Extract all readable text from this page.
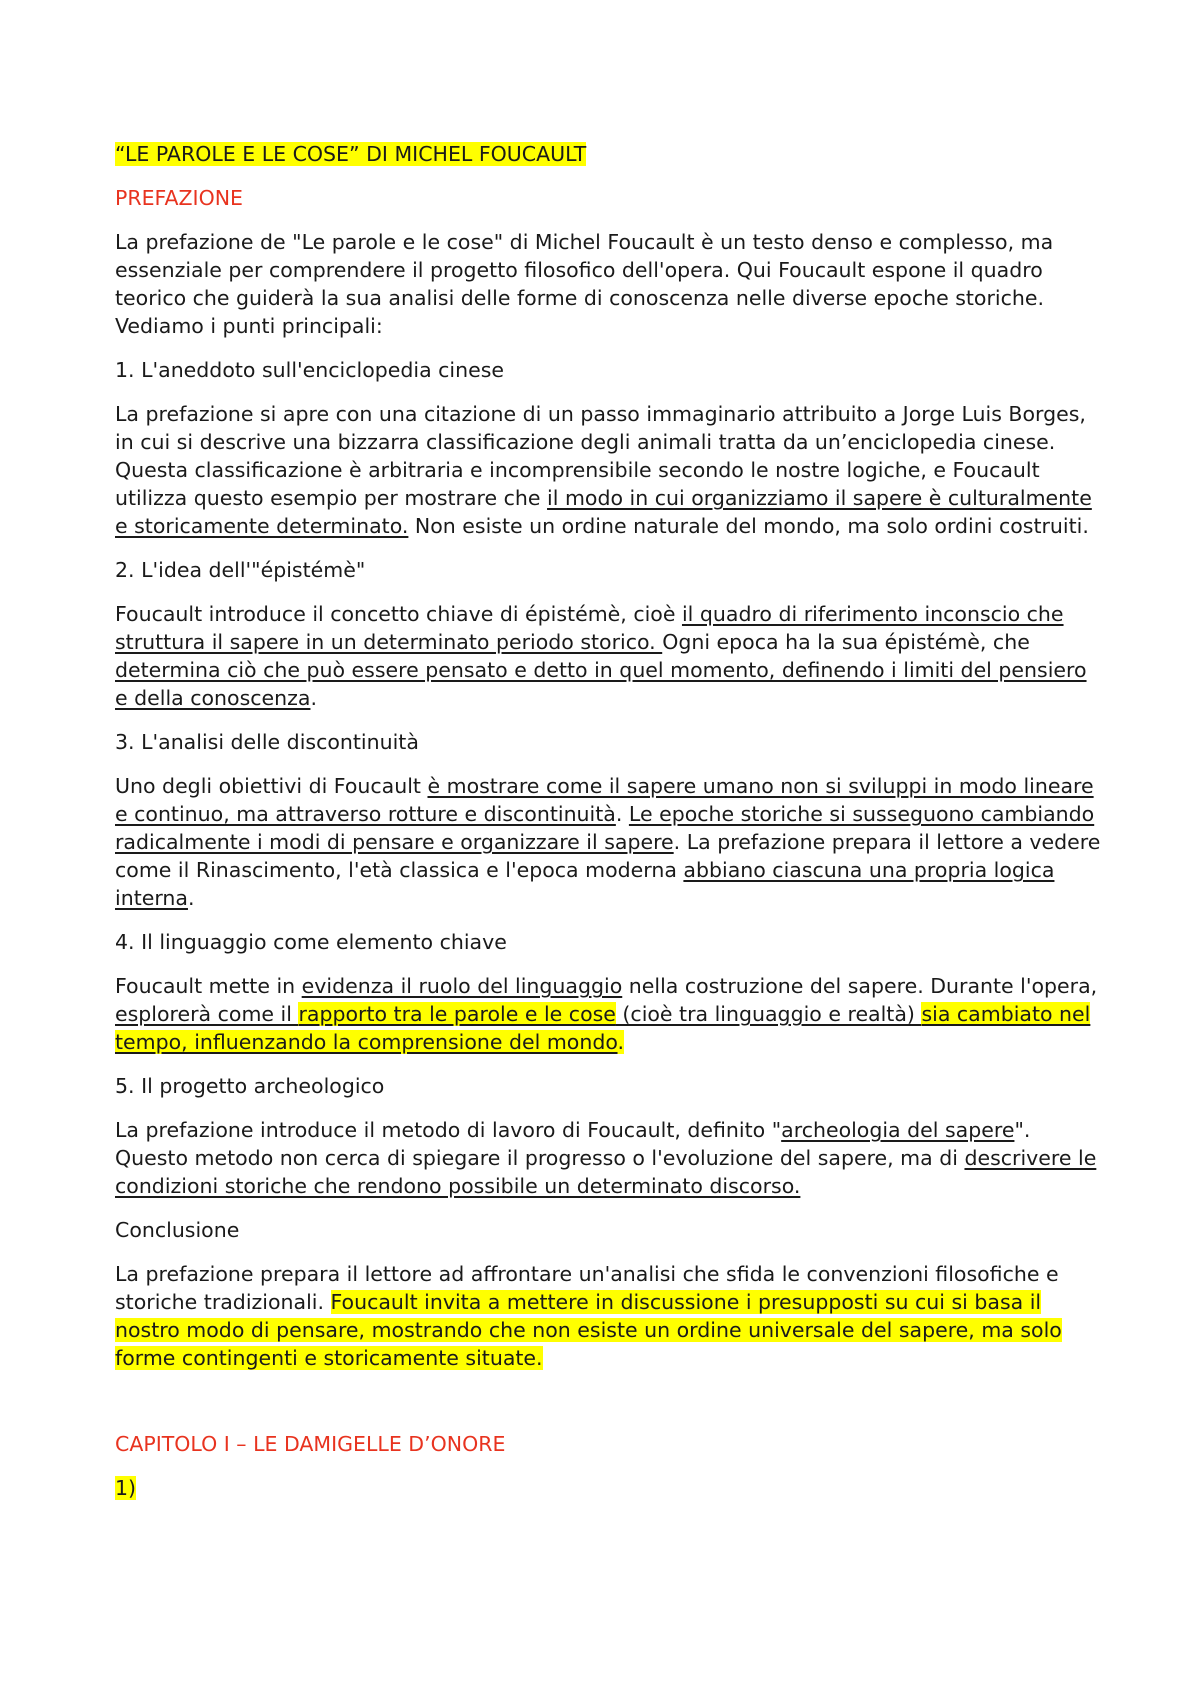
“LE PAROLE E LE COSE” DI MICHEL FOUCAULT

PREFAZIONE

La prefazione de "Le parole e le cose" di Michel Foucault è un testo denso e complesso, ma essenziale per comprendere il progetto filosofico dell'opera. Qui Foucault espone il quadro teorico che guiderà la sua analisi delle forme di conoscenza nelle diverse epoche storiche. Vediamo i punti principali:

1. L'aneddoto sull'enciclopedia cinese

La prefazione si apre con una citazione di un passo immaginario attribuito a Jorge Luis Borges, in cui si descrive una bizzarra classificazione degli animali tratta da un’enciclopedia cinese. Questa classificazione è arbitraria e incomprensibile secondo le nostre logiche, e Foucault utilizza questo esempio per mostrare che il modo in cui organizziamo il sapere è culturalmente e storicamente determinato. Non esiste un ordine naturale del mondo, ma solo ordini costruiti.

2. L'idea dell'"épistémè"

Foucault introduce il concetto chiave di épistémè, cioè il quadro di riferimento inconscio che struttura il sapere in un determinato periodo storico. Ogni epoca ha la sua épistémè, che determina ciò che può essere pensato e detto in quel momento, definendo i limiti del pensiero e della conoscenza.

3. L'analisi delle discontinuità

Uno degli obiettivi di Foucault è mostrare come il sapere umano non si sviluppi in modo lineare e continuo, ma attraverso rotture e discontinuità. Le epoche storiche si susseguono cambiando radicalmente i modi di pensare e organizzare il sapere. La prefazione prepara il lettore a vedere come il Rinascimento, l'età classica e l'epoca moderna abbiano ciascuna una propria logica interna.

4. Il linguaggio come elemento chiave

Foucault mette in evidenza il ruolo del linguaggio nella costruzione del sapere. Durante l'opera, esplorerà come il rapporto tra le parole e le cose (cioè tra linguaggio e realtà) sia cambiato nel tempo, influenzando la comprensione del mondo.

5. Il progetto archeologico

La prefazione introduce il metodo di lavoro di Foucault, definito "archeologia del sapere". Questo metodo non cerca di spiegare il progresso o l'evoluzione del sapere, ma di descrivere le condizioni storiche che rendono possibile un determinato discorso.

Conclusione

La prefazione prepara il lettore ad affrontare un'analisi che sfida le convenzioni filosofiche e storiche tradizionali. Foucault invita a mettere in discussione i presupposti su cui si basa il nostro modo di pensare, mostrando che non esiste un ordine universale del sapere, ma solo forme contingenti e storicamente situate.

CAPITOLO I – LE DAMIGELLE D’ONORE

1)
